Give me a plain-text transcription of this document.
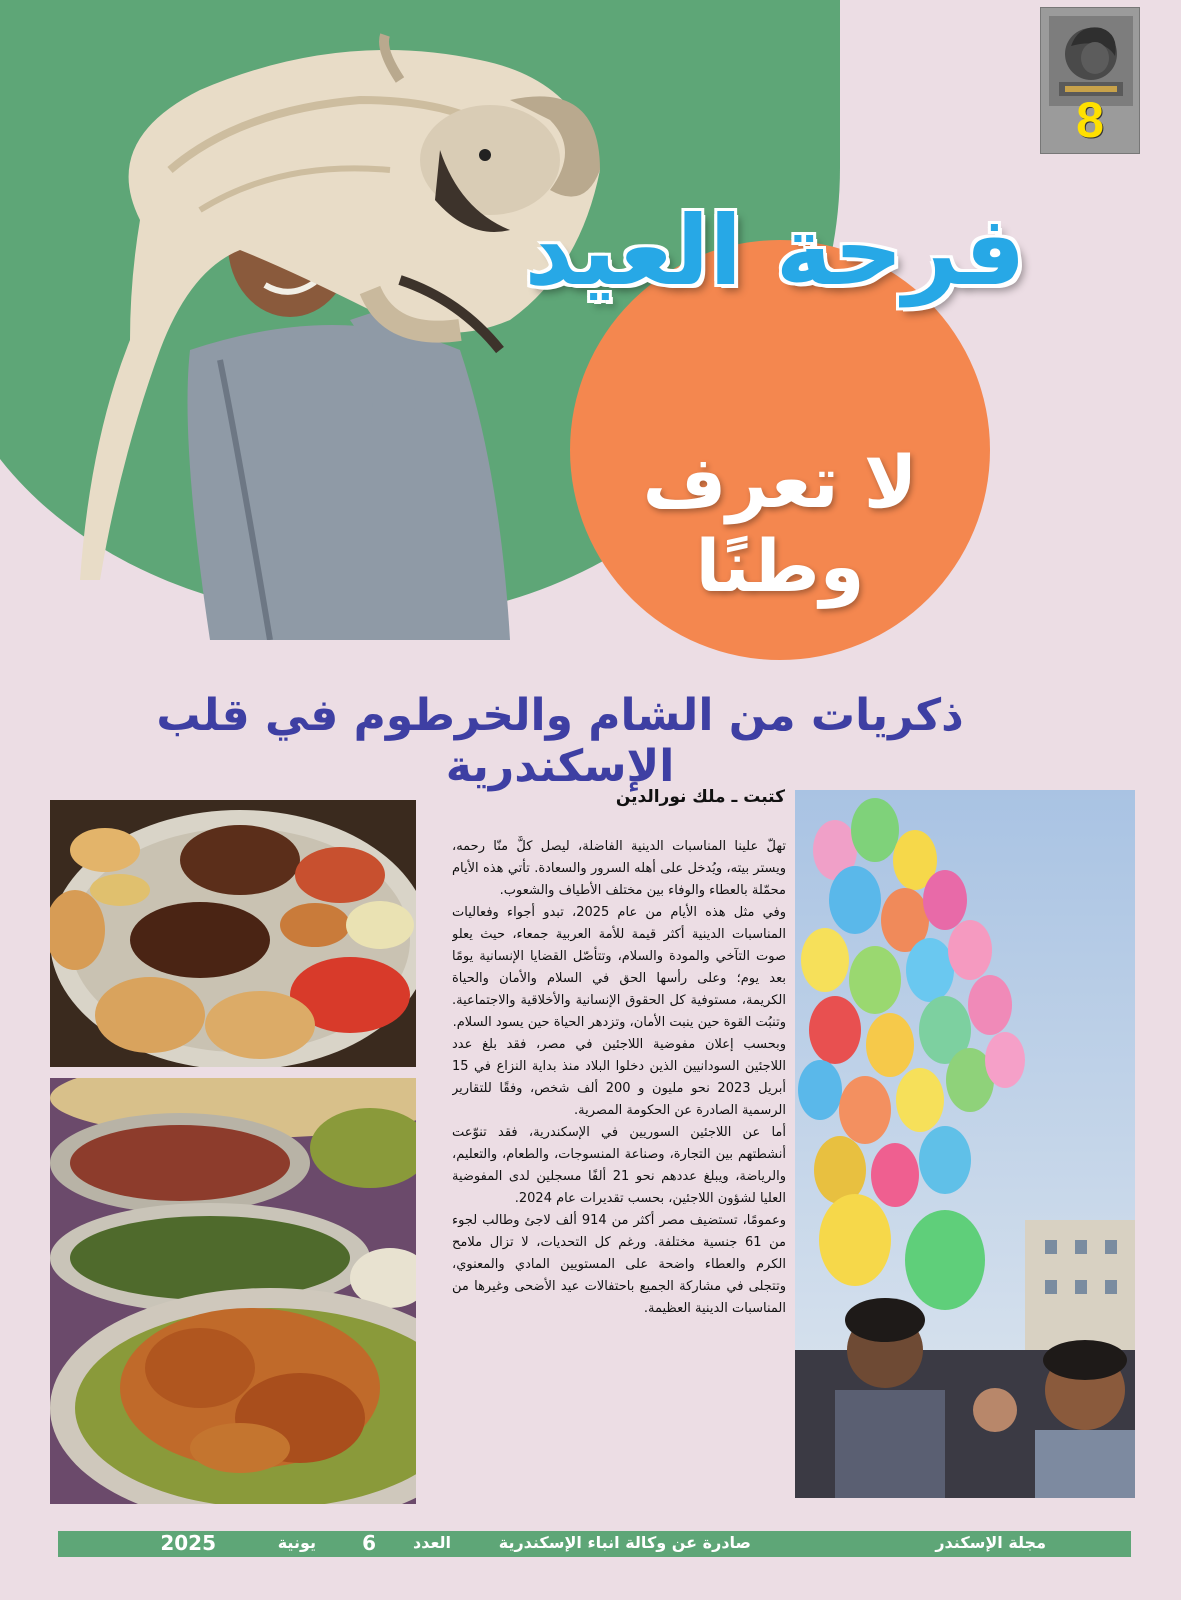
فرحة العيد
لا تعرف وطنًا
8
ذكريات من الشام والخرطوم في قلب الإسكندرية
كتبت ـ ملك نورالدين

تهلّ علينا المناسبات الدينية الفاضلة، ليصل كلٌّ منّا رحمه، ويستر بيته، ويُدخل على أهله السرور والسعادة. تأتي هذه الأيام محمّلة بالعطاء والوفاء بين مختلف الأطياف والشعوب.

وفي مثل هذه الأيام من عام 2025، تبدو أجواء وفعاليات المناسبات الدينية أكثر قيمة للأمة العربية جمعاء، حيث يعلو صوت التآخي والمودة والسلام، وتتأصّل القضايا الإنسانية يومًا بعد يوم؛ وعلى رأسها الحق في السلام والأمان والحياة الكريمة، مستوفية كل الحقوق الإنسانية والأخلاقية والاجتماعية. وتنبُت القوة حين ينبت الأمان، وتزدهر الحياة حين يسود السلام.

وبحسب إعلان مفوضية اللاجئين في مصر، فقد بلغ عدد اللاجئين السودانيين الذين دخلوا البلاد منذ بداية النزاع في 15 أبريل 2023 نحو مليون و 200 ألف شخص، وفقًا للتقارير الرسمية الصادرة عن الحكومة المصرية.

أما عن اللاجئين السوريين في الإسكندرية، فقد تنوّعت أنشطتهم بين التجارة، وصناعة المنسوجات، والطعام، والتعليم، والرياضة، ويبلغ عددهم نحو 21 ألفًا مسجلين لدى المفوضية العليا لشؤون اللاجئين، بحسب تقديرات عام 2024.

وعمومًا، تستضيف مصر أكثر من 914 ألف لاجئ وطالب لجوء من 61 جنسية مختلفة. ورغم كل التحديات، لا تزال ملامح الكرم والعطاء واضحة على المستويين المادي والمعنوي، وتتجلى في مشاركة الجميع باحتفالات عيد الأضحى وغيرها من المناسبات الدينية العظيمة.

مجلة الإسكندر
صادرة عن وكالة انباء الإسكندرية
العدد
6
يونية
2025
